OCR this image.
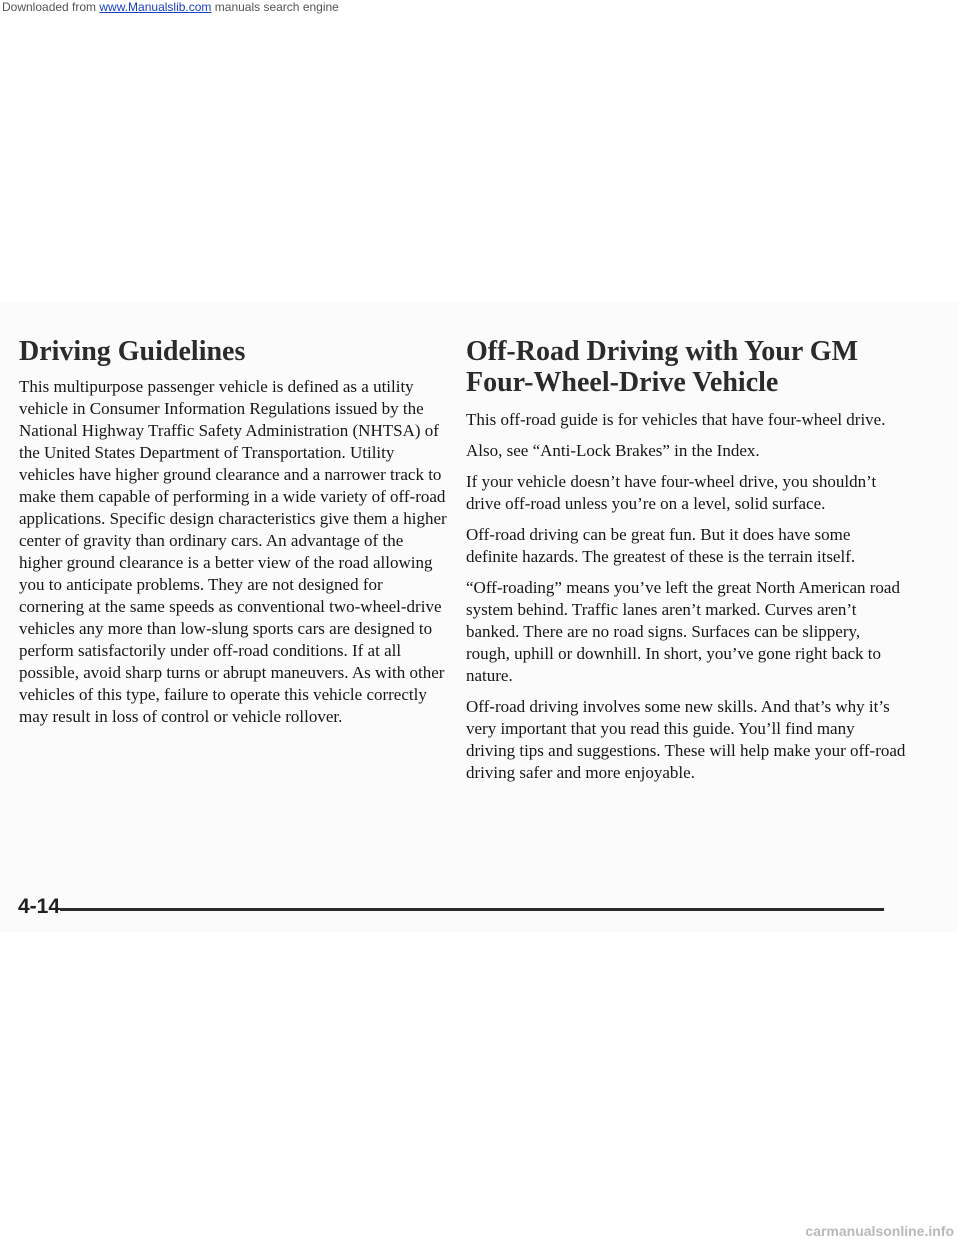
Driving Guidelines

This multipurpose passenger vehicle is defined as a utility vehicle in Consumer Information Regulations issued by the National Highway Traffic Safety Administration (NHTSA) of the United States Department of Transportation. Utility vehicles have higher ground clearance and a narrower track to make them capable of performing in a wide variety of off-road applications. Specific design characteristics give them a higher center of gravity than ordinary cars. An advantage of the higher ground clearance is a better view of the road allowing you to anticipate problems. They are not designed for cornering at the same speeds as conventional two-wheel-drive vehicles any more than low-slung sports cars are designed to perform satisfactorily under off-road conditions. If at all possible, avoid sharp turns or abrupt maneuvers. As with other vehicles of this type, failure to operate this vehicle correctly may result in loss of control or vehicle rollover.

Off-Road Driving with Your GM Four-Wheel-Drive Vehicle

This off-road guide is for vehicles that have four-wheel drive.

Also, see “Anti-Lock Brakes” in the Index.

If your vehicle doesn’t have four-wheel drive, you shouldn’t drive off-road unless you’re on a level, solid surface.

Off-road driving can be great fun. But it does have some definite hazards. The greatest of these is the terrain itself.

“Off-roading” means you’ve left the great North American road system behind. Traffic lanes aren’t marked. Curves aren’t banked. There are no road signs. Surfaces can be slippery, rough, uphill or downhill. In short, you’ve gone right back to nature.

Off-road driving involves some new skills. And that’s why it’s very important that you read this guide. You’ll find many driving tips and suggestions. These will help make your off-road driving safer and more enjoyable.

4-14
Downloaded from www.Manualslib.com manuals search engine
carmanualsonline.info
